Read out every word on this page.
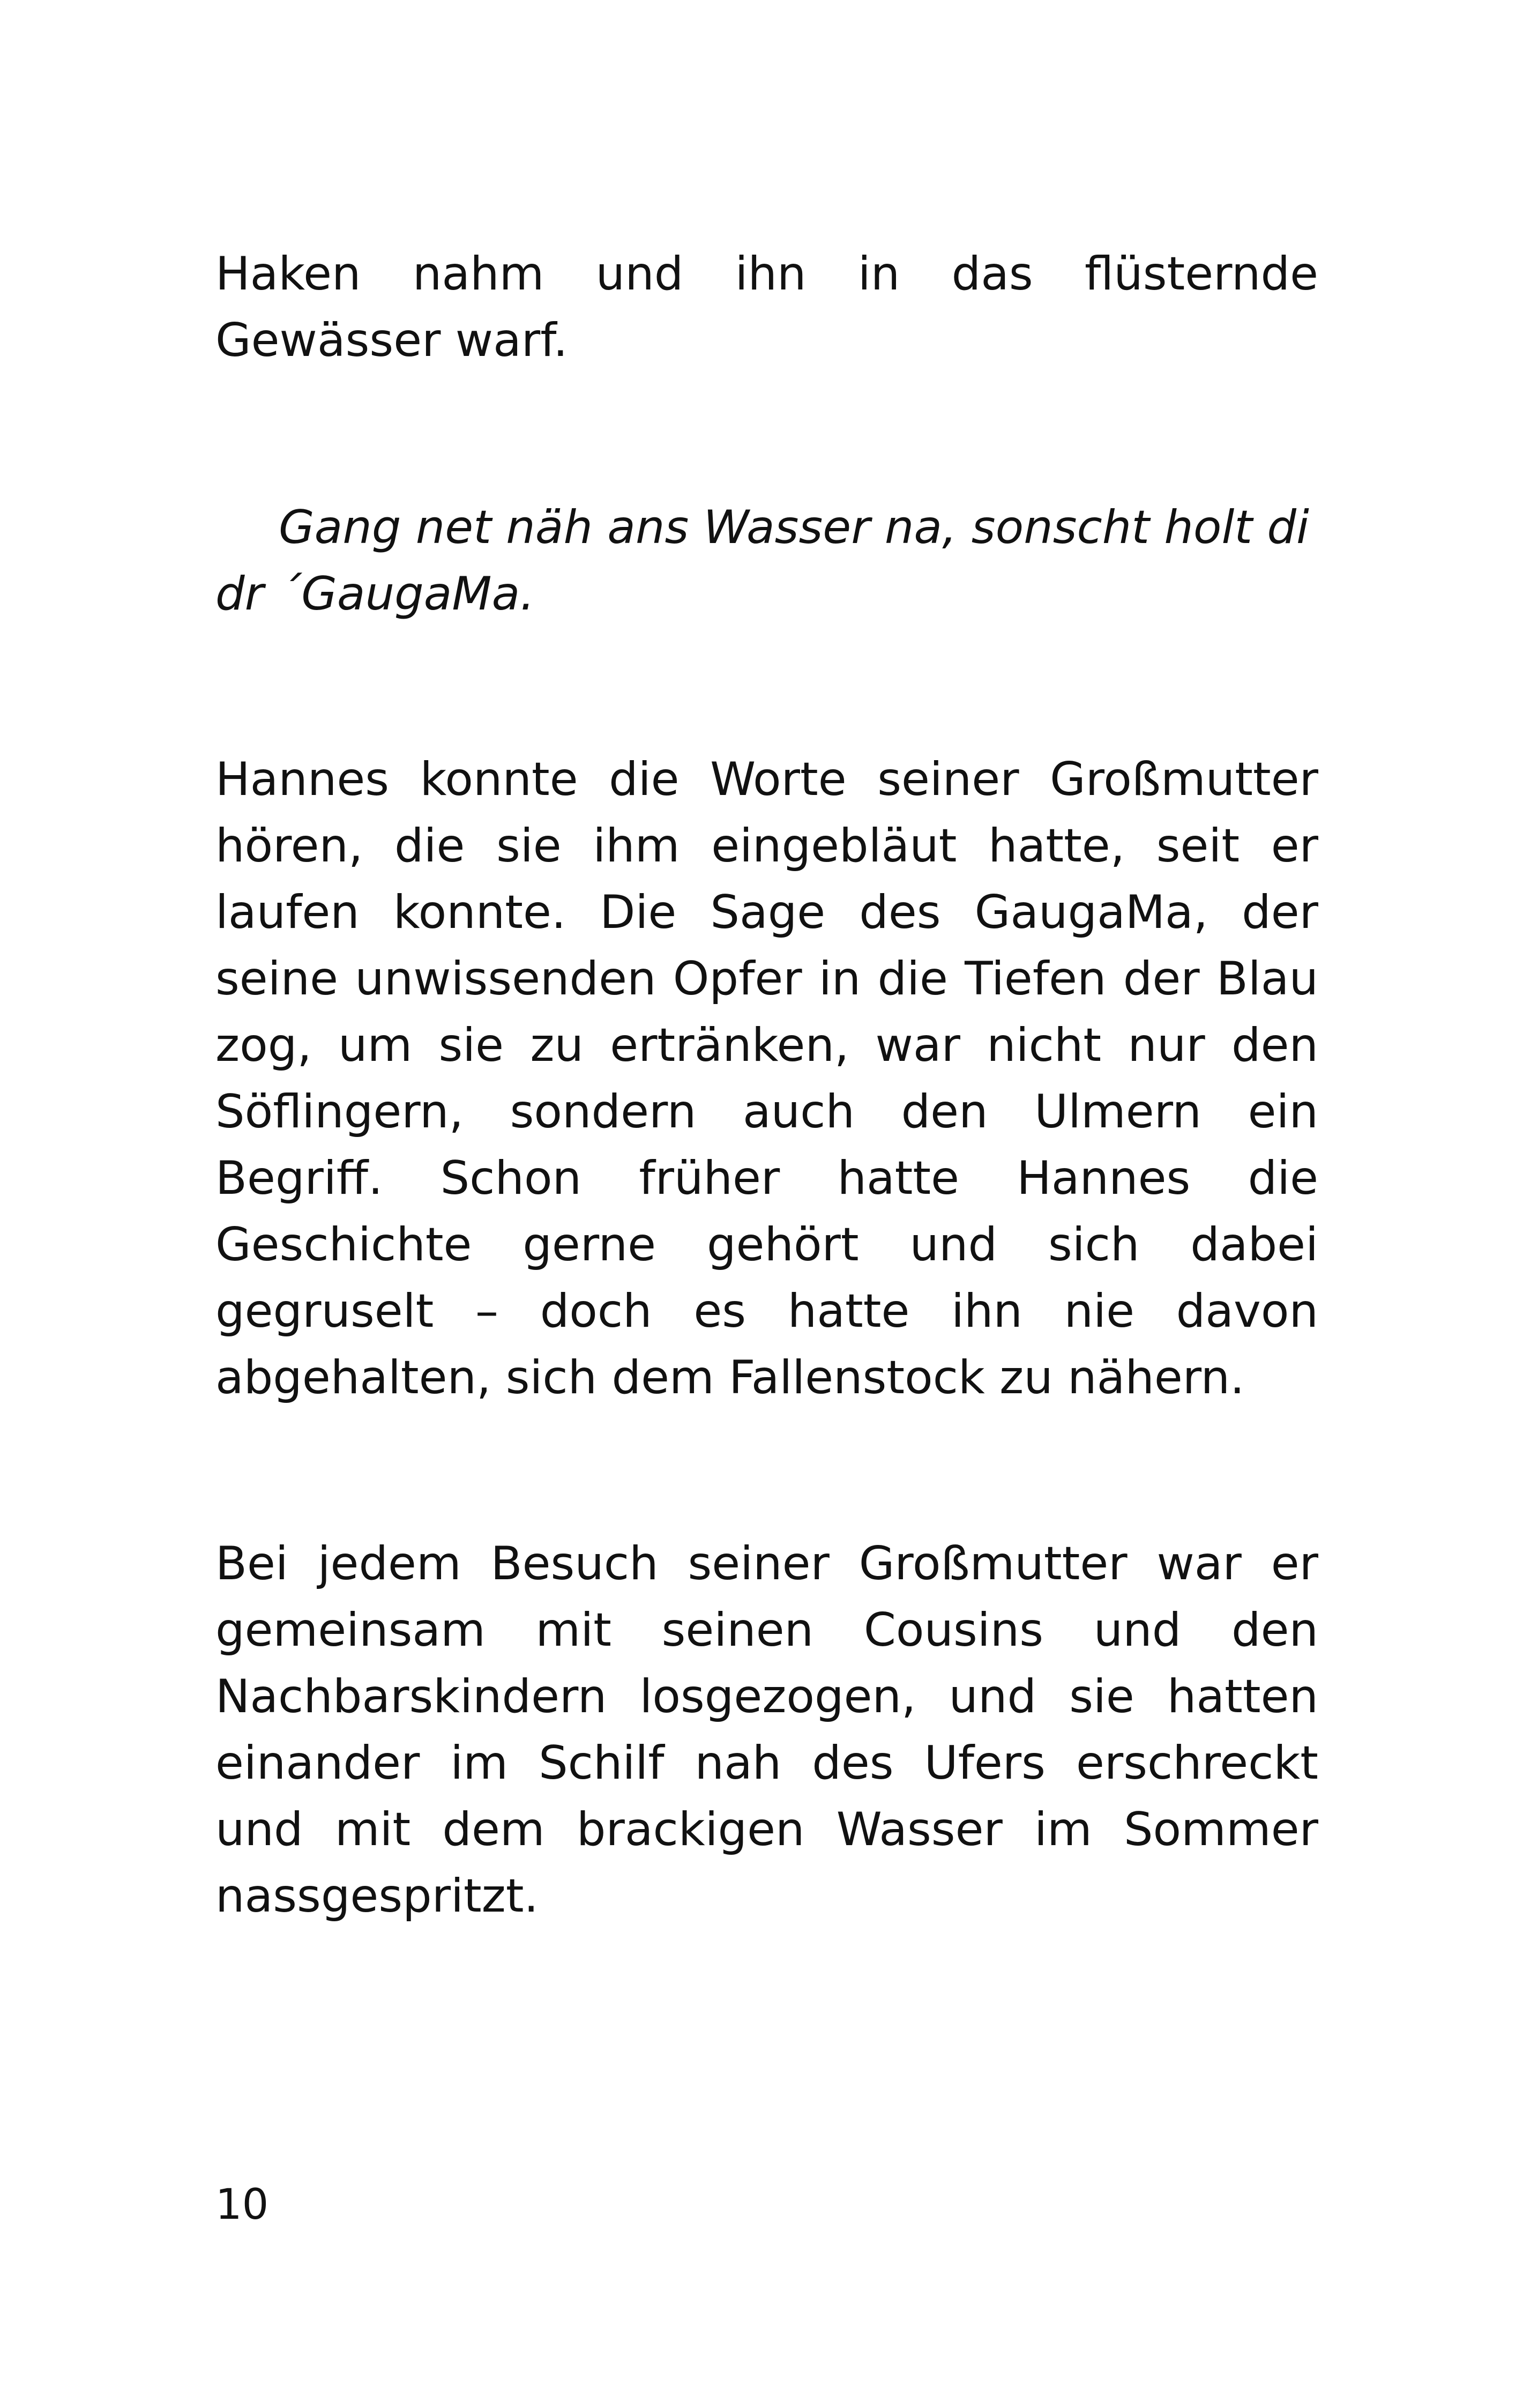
Haken nahm und ihn in das flüsternde Gewässer warf.

Gang net näh ans Wasser na, sonscht holt di dr ´GaugaMa.

Hannes konnte die Worte seiner Großmutter hören, die sie ihm eingebläut hatte, seit er laufen konnte. Die Sage des GaugaMa, der seine unwissenden Opfer in die Tiefen der Blau zog, um sie zu ertränken, war nicht nur den Söflingern, sondern auch den Ulmern ein Begriff. Schon früher hatte Hannes die Geschichte gerne gehört und sich dabei gegruselt – doch es hatte ihn nie davon abgehalten, sich dem Fallenstock zu nähern.

Bei jedem Besuch seiner Großmutter war er gemeinsam mit seinen Cousins und den Nachbarskindern losgezogen, und sie hatten einander im Schilf nah des Ufers erschreckt und mit dem brackigen Wasser im Sommer nassgespritzt.

10
